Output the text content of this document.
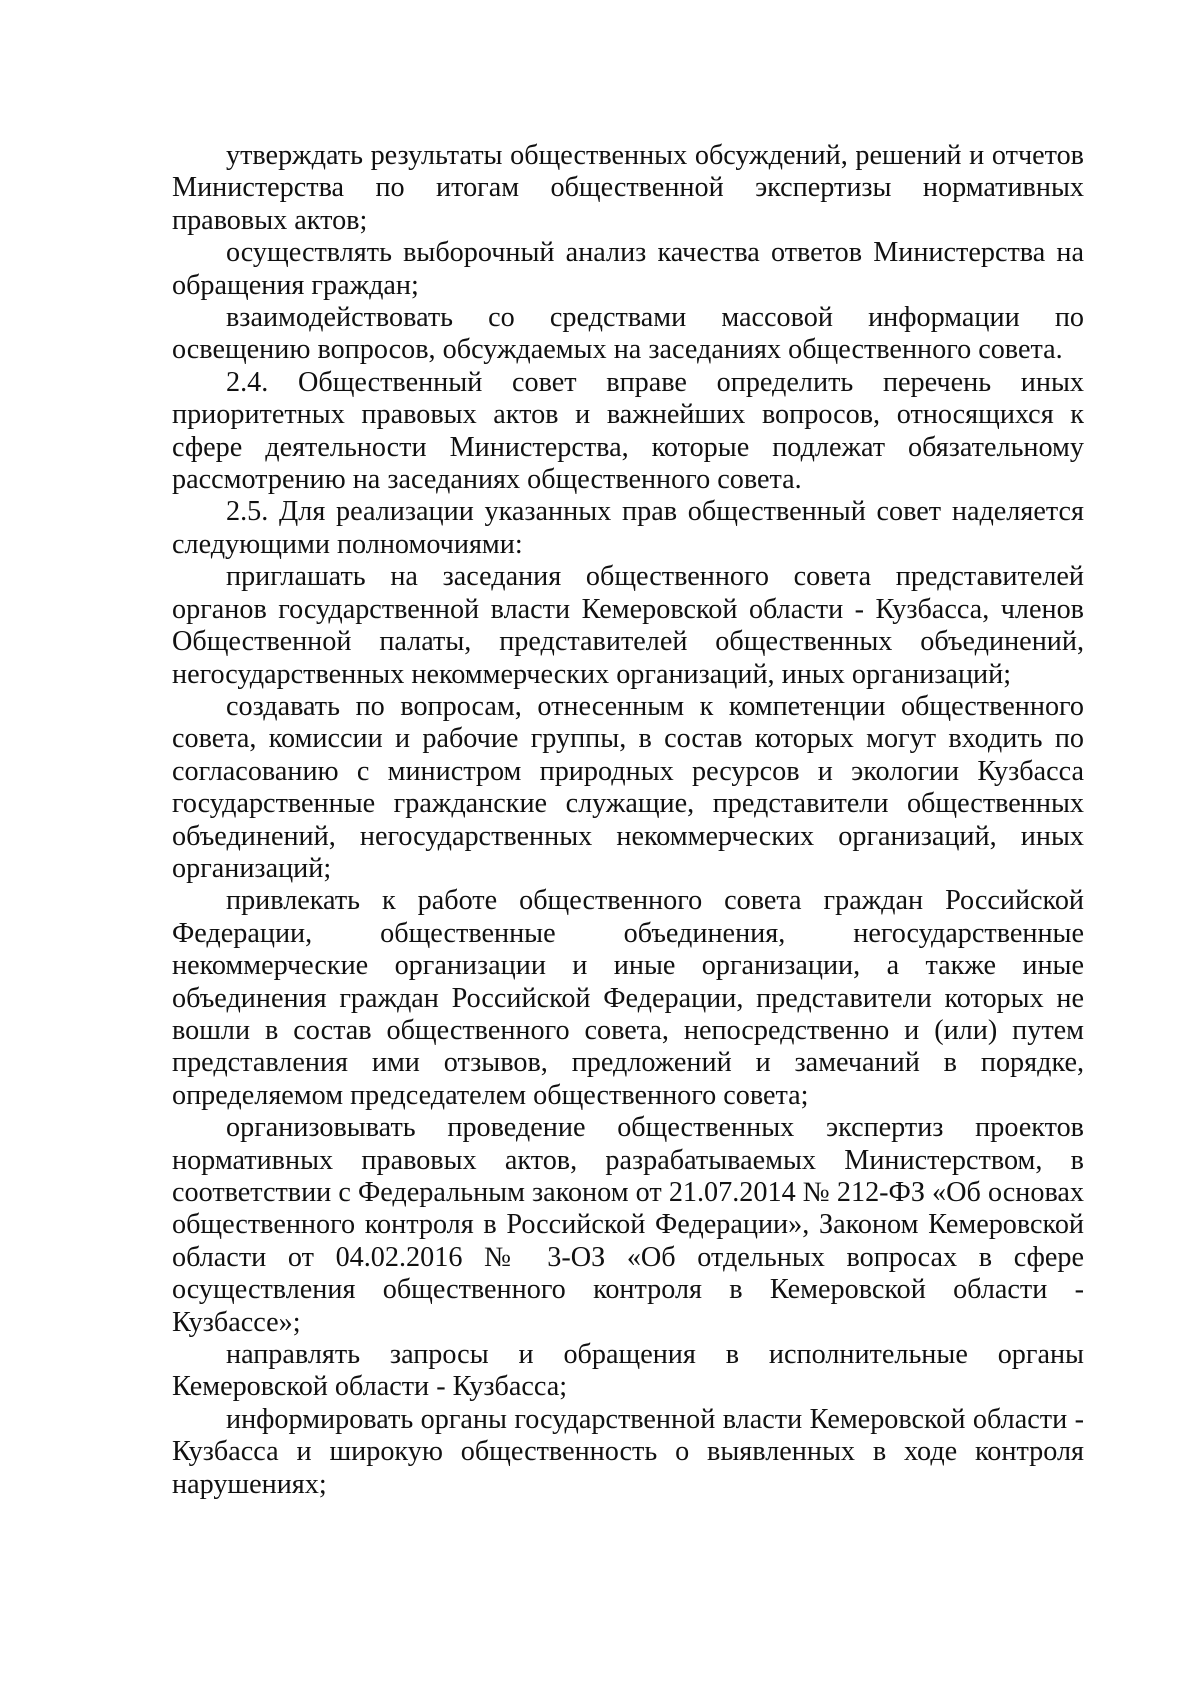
утверждать результаты общественных обсуждений, решений и отчетов Министерства по итогам общественной экспертизы нормативных правовых актов;

осуществлять выборочный анализ качества ответов Министерства на обращения граждан;

взаимодействовать со средствами массовой информации по освещению вопросов, обсуждаемых на заседаниях общественного совета.

2.4. Общественный совет вправе определить перечень иных приоритетных правовых актов и важнейших вопросов, относящихся к сфере деятельности Министерства, которые подлежат обязательному рассмотрению на заседаниях общественного совета.

2.5. Для реализации указанных прав общественный совет наделяется следующими полномочиями:

приглашать на заседания общественного совета представителей органов государственной власти Кемеровской области - Кузбасса, членов Общественной палаты, представителей общественных объединений, негосударственных некоммерческих организаций, иных организаций;

создавать по вопросам, отнесенным к компетенции общественного совета, комиссии и рабочие группы, в состав которых могут входить по согласованию с министром природных ресурсов и экологии Кузбасса государственные гражданские служащие, представители общественных объединений, негосударственных некоммерческих организаций, иных организаций;

привлекать к работе общественного совета граждан Российской Федерации, общественные объединения, негосударственные некоммерческие организации и иные организации, а также иные объединения граждан Российской Федерации, представители которых не вошли в состав общественного совета, непосредственно и (или) путем представления ими отзывов, предложений и замечаний в порядке, определяемом председателем общественного совета;

организовывать проведение общественных экспертиз проектов нормативных правовых актов, разрабатываемых Министерством, в соответствии с Федеральным законом от 21.07.2014 № 212-ФЗ «Об основах общественного контроля в Российской Федерации», Законом Кемеровской области от 04.02.2016 № 3-ОЗ «Об отдельных вопросах в сфере осуществления общественного контроля в Кемеровской области - Кузбассе»;

направлять запросы и обращения в исполнительные органы Кемеровской области - Кузбасса;

информировать органы государственной власти Кемеровской области - Кузбасса и широкую общественность о выявленных в ходе контроля нарушениях;
